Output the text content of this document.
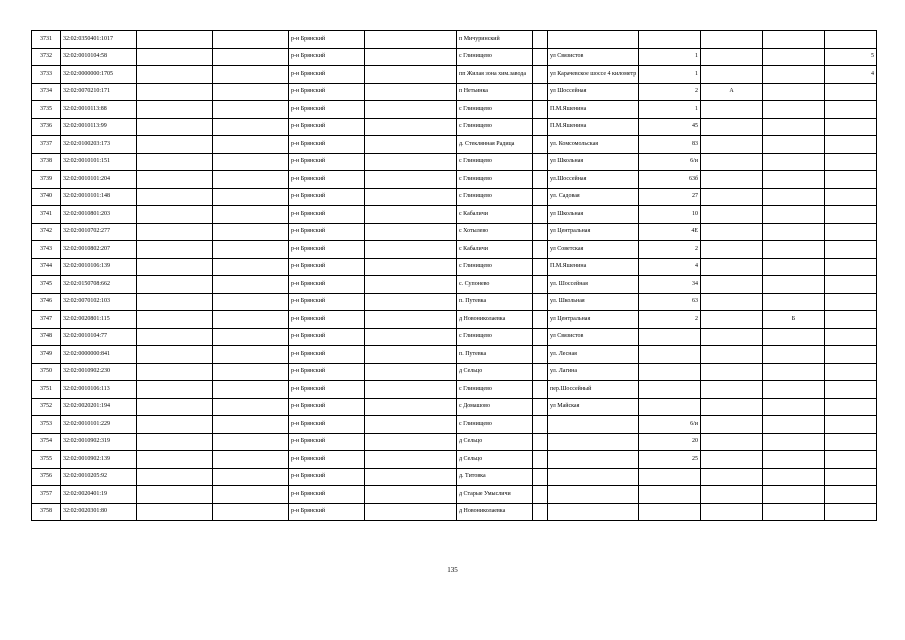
3731	32:02:0350401:1017			р-н Брянский		п Мичуринский						
3732	32:02:0010104:58			р-н Брянский		с Глинищево		ул Связистов	1			5
3733	32:02:0000000:1705			р-н Брянский		пп Жилая зона хим.завода		ул Карачевское шоссе 4 километр	1			4
3734	32:02:0070210:171			р-н Брянский		п Нетьинка		ул Шоссейная	2	А		
3735	32:02:0010113:88			р-н Брянский		с Глинищево		П.М.Яшенина	1			
3736	32:02:0010113:99			р-н Брянский		с Глинищево		П.М.Яшенина	45			
3737	32:02:0100203:173			р-н Брянский		д. Стеклянная Радица		ул. Комсомольская	83			
3738	32:02:0010101:151			р-н Брянский		с Глинищево		ул Школьная	6/и			
3739	32:02:0010101:204			р-н Брянский		с Глинищево		ул.Шоссейная	63б			
3740	32:02:0010101:148			р-н Брянский		с Глинищево		ул. Садовая	27			
3741	32:02:0010801:203			р-н Брянский		с Кабаличи		ул Школьная	10			
3742	32:02:0010702:277			р-н Брянский		с Хотылево		ул Центральная	4Е			
3743	32:02:0010802:207			р-н Брянский		с Кабаличи		ул Советская	2			
3744	32:02:0010106:139			р-н Брянский		с Глинищево		П.М.Яшенина	4			
3745	32:02:0150708:662			р-н Брянский		с. Супонево		ул. Шоссейная	34			
3746	32:02:0070102:103			р-н Брянский		п. Путевка		ул. Школьная	63			
3747	32:02:0020801:115			р-н Брянский		д Новониколаевка		ул Центральная	2		Б	
3748	32:02:0010104:77			р-н Брянский		с Глинищево		ул Связистов				
3749	32:02:0000000:841			р-н Брянский		п. Путевка		ул. Лесная				
3750	32:02:0010902:230			р-н Брянский		д Сельцо		ул. Лагина				
3751	32:02:0010106:113			р-н Брянский		с Глинищево		пер.Шоссейный				
3752	32:02:0020201:194			р-н Брянский		с Домашово		ул Майская				
3753	32:02:0010101:229			р-н Брянский		с Глинищево			6/и			
3754	32:02:0010902:319			р-н Брянский		д Сельцо			20			
3755	32:02:0010902:139			р-н Брянский		д Сельцо			25			
3756	32:02:0010205:92			р-н Брянский		д. Титовка						
3757	32:02:0020401:19			р-н Брянский		д Старые Умысличи						
3758	32:02:0020301:80			р-н Брянский		д Новониколаевка						
135
